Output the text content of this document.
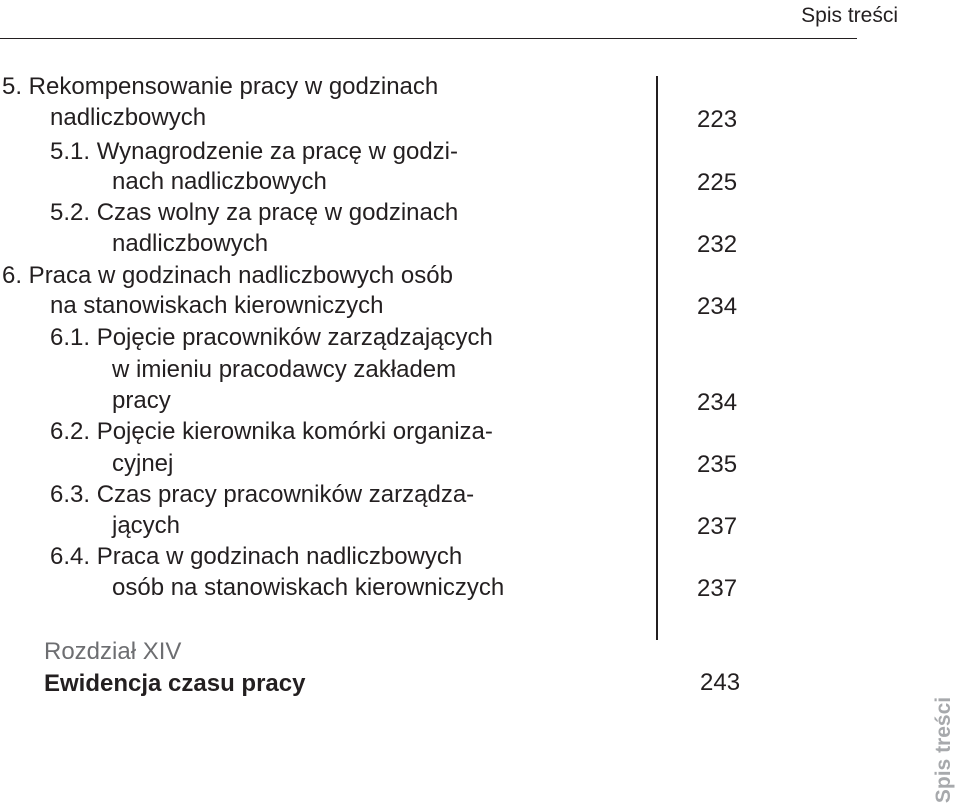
Spis treści
5. Rekompensowanie pracy w godzinach
nadliczbowych	223
5.1. Wynagrodzenie za pracę w godzi-
nach nadliczbowych	225
5.2. Czas wolny za pracę w godzinach
nadliczbowych	232
6. Praca w godzinach nadliczbowych osób
na stanowiskach kierowniczych	234
6.1. Pojęcie pracowników zarządzających
w imieniu pracodawcy zakładem
pracy	234
6.2. Pojęcie kierownika komórki organiza-
cyjnej	235
6.3. Czas pracy pracowników zarządza-
jących	237
6.4. Praca w godzinach nadliczbowych
osób na stanowiskach kierowniczych	237
Rozdział XIV
Ewidencja czasu pracy	243
Spis treści
